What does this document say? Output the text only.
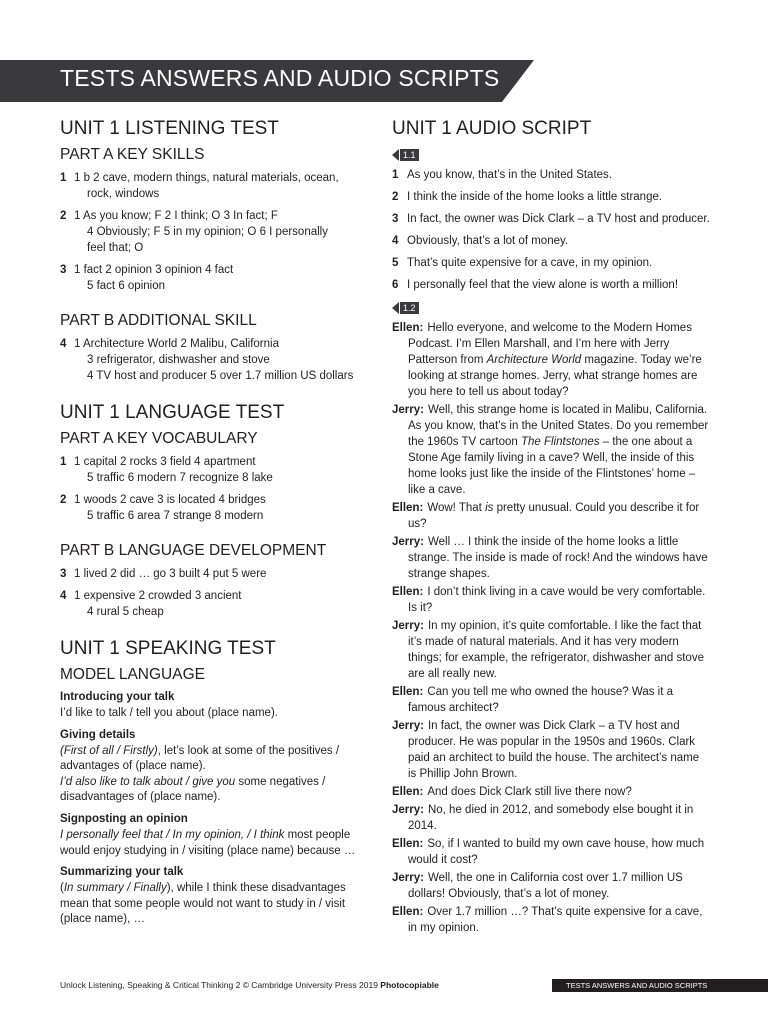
TESTS ANSWERS AND AUDIO SCRIPTS
UNIT 1 LISTENING TEST
PART A KEY SKILLS
1 1 b 2 cave, modern things, natural materials, ocean,
rock, windows
2 1 As you know; F 2 I think; O 3 In fact; F
4 Obviously; F 5 in my opinion; O 6 I personally
feel that; O
3 1 fact 2 opinion 3 opinion 4 fact
5 fact 6 opinion
PART B ADDITIONAL SKILL
4 1 Architecture World 2 Malibu, California
3 refrigerator, dishwasher and stove
4 TV host and producer 5 over 1.7 million US dollars
UNIT 1 LANGUAGE TEST
PART A KEY VOCABULARY
1 1 capital 2 rocks 3 field 4 apartment
5 traffic 6 modern 7 recognize 8 lake
2 1 woods 2 cave 3 is located 4 bridges
5 traffic 6 area 7 strange 8 modern
PART B LANGUAGE DEVELOPMENT
3 1 lived 2 did … go 3 built 4 put 5 were
4 1 expensive 2 crowded 3 ancient
4 rural 5 cheap
UNIT 1 SPEAKING TEST
MODEL LANGUAGE
Introducing your talk
I’d like to talk / tell you about (place name).
Giving details
(First of all / Firstly), let’s look at some of the positives / advantages of (place name).
I’d also like to talk about / give you some negatives / disadvantages of (place name).
Signposting an opinion
I personally feel that / In my opinion, / I think most people would enjoy studying in / visiting (place name) because …
Summarizing your talk
(In summary / Finally), while I think these disadvantages mean that some people would not want to study in / visit (place name), …
UNIT 1 AUDIO SCRIPT
1.1
1 As you know, that’s in the United States.
2 I think the inside of the home looks a little strange.
3 In fact, the owner was Dick Clark – a TV host and producer.
4 Obviously, that’s a lot of money.
5 That’s quite expensive for a cave, in my opinion.
6 I personally feel that the view alone is worth a million!
1.2
Ellen: Hello everyone, and welcome to the Modern Homes Podcast. I’m Ellen Marshall, and I’m here with Jerry Patterson from Architecture World magazine. Today we’re looking at strange homes. Jerry, what strange homes are you here to tell us about today?
Jerry: Well, this strange home is located in Malibu, California. As you know, that’s in the United States. Do you remember the 1960s TV cartoon The Flintstones – the one about a Stone Age family living in a cave? Well, the inside of this home looks just like the inside of the Flintstones’ home – like a cave.
Ellen: Wow! That is pretty unusual. Could you describe it for us?
Jerry: Well … I think the inside of the home looks a little strange. The inside is made of rock! And the windows have strange shapes.
Ellen: I don’t think living in a cave would be very comfortable. Is it?
Jerry: In my opinion, it’s quite comfortable. I like the fact that it’s made of natural materials. And it has very modern things; for example, the refrigerator, dishwasher and stove are all really new.
Ellen: Can you tell me who owned the house? Was it a famous architect?
Jerry: In fact, the owner was Dick Clark – a TV host and producer. He was popular in the 1950s and 1960s. Clark paid an architect to build the house. The architect’s name is Phillip John Brown.
Ellen: And does Dick Clark still live there now?
Jerry: No, he died in 2012, and somebody else bought it in 2014.
Ellen: So, if I wanted to build my own cave house, how much would it cost?
Jerry: Well, the one in California cost over 1.7 million US dollars! Obviously, that’s a lot of money.
Ellen: Over 1.7 million …? That’s quite expensive for a cave, in my opinion.
Unlock Listening, Speaking & Critical Thinking 2 © Cambridge University Press 2019 Photocopiable	TESTS ANSWERS AND AUDIO SCRIPTS
